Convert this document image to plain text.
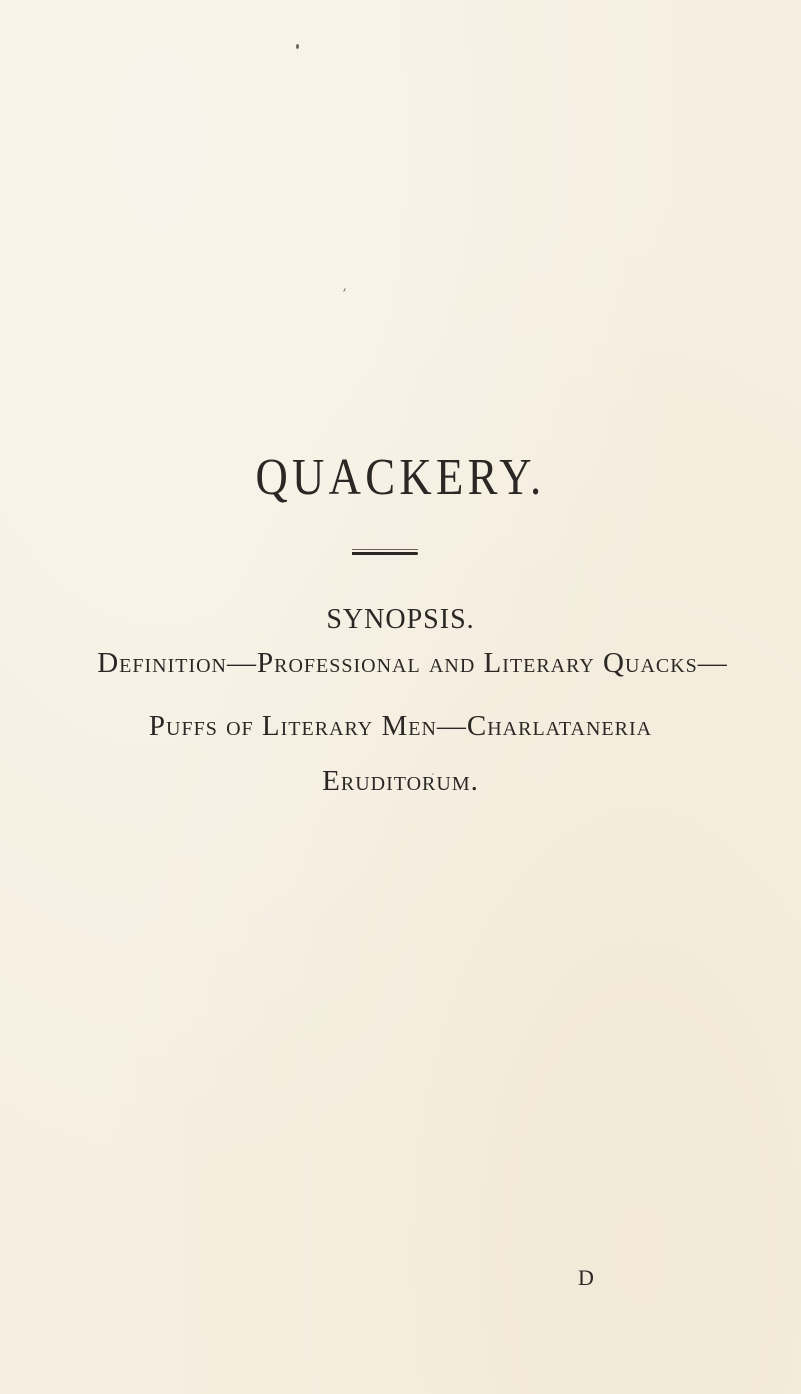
QUACKERY.
SYNOPSIS.
Definition—Professional and Literary Quacks—
Puffs of Literary Men—Charlataneria
Eruditorum.
D
